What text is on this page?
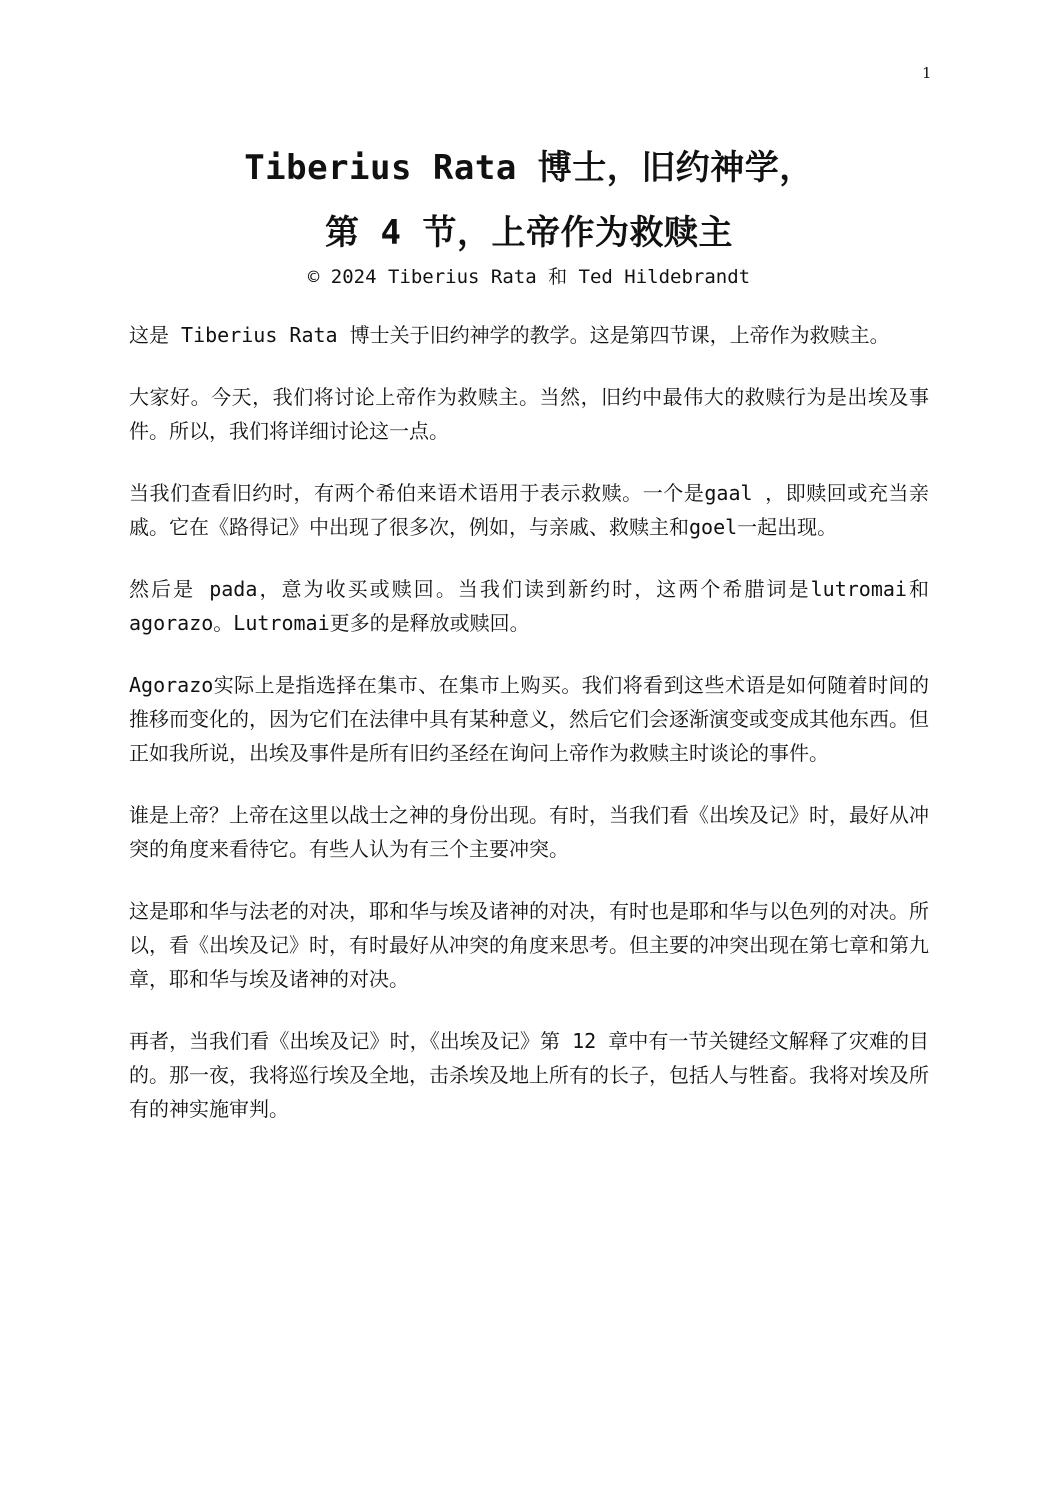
1
Tiberius Rata 博士，旧约神学，
第 4 节，上帝作为救赎主
© 2024 Tiberius Rata 和 Ted Hildebrandt

这是 Tiberius Rata 博士关于旧约神学的教学。这是第四节课，上帝作为救赎主。

大家好。今天，我们将讨论上帝作为救赎主。当然，旧约中最伟大的救赎行为是出埃及事件。所以，我们将详细讨论这一点。

当我们查看旧约时，有两个希伯来语术语用于表示救赎。一个是gaal ，即赎回或充当亲戚。它在《路得记》中出现了很多次，例如，与亲戚、救赎主和goel一起出现。

然后是 pada，意为收买或赎回。当我们读到新约时，这两个希腊词是lutromai和agorazo。Lutromai更多的是释放或赎回。

Agorazo实际上是指选择在集市、在集市上购买。我们将看到这些术语是如何随着时间的推移而变化的，因为它们在法律中具有某种意义，然后它们会逐渐演变或变成其他东西。但正如我所说，出埃及事件是所有旧约圣经在询问上帝作为救赎主时谈论的事件。

谁是上帝？上帝在这里以战士之神的身份出现。有时，当我们看《出埃及记》时，最好从冲突的角度来看待它。有些人认为有三个主要冲突。

这是耶和华与法老的对决，耶和华与埃及诸神的对决，有时也是耶和华与以色列的对决。所以，看《出埃及记》时，有时最好从冲突的角度来思考。但主要的冲突出现在第七章和第九章，耶和华与埃及诸神的对决。

再者，当我们看《出埃及记》时，《出埃及记》第 12 章中有一节关键经文解释了灾难的目的。那一夜，我将巡行埃及全地，击杀埃及地上所有的长子，包括人与牲畜。我将对埃及所有的神实施审判。
